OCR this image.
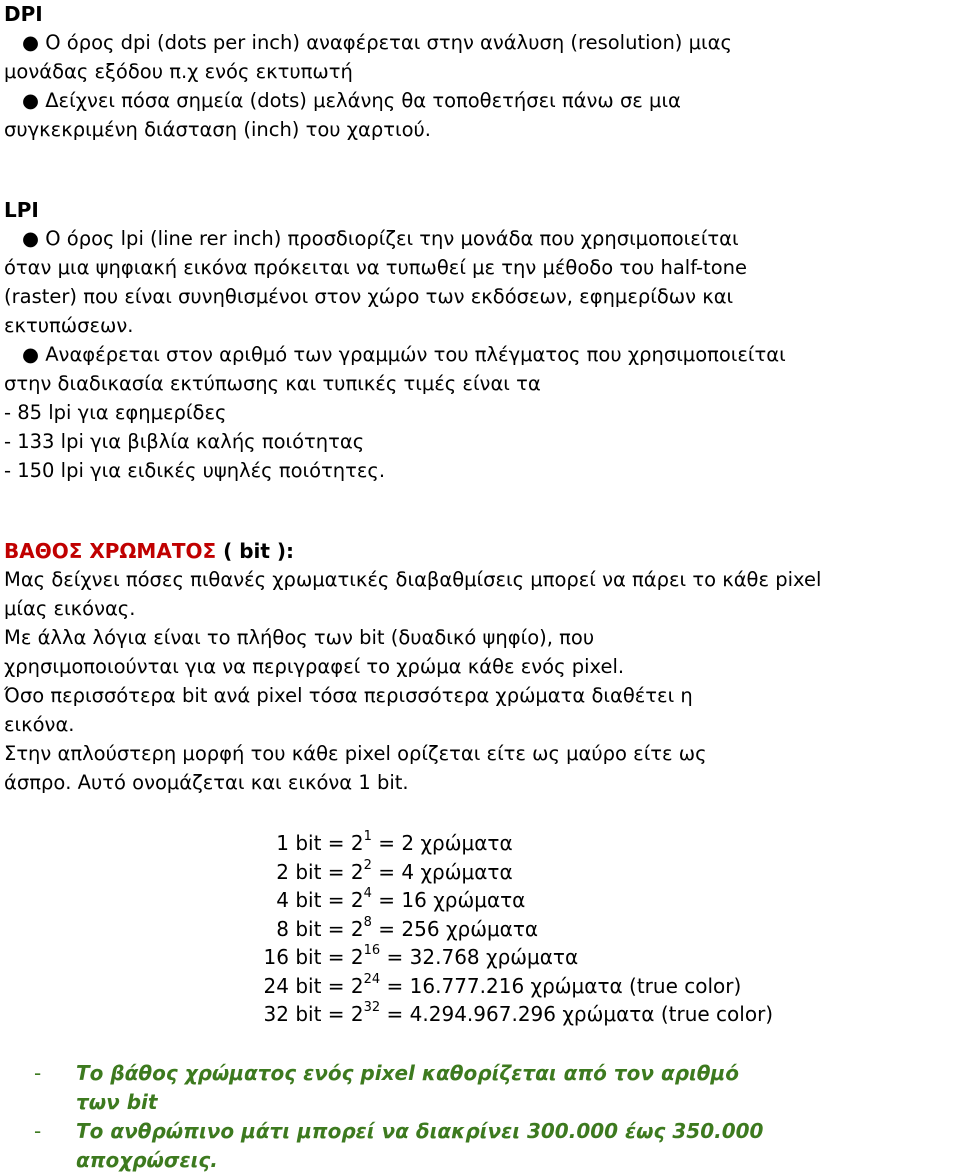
DPI
● Ο όρος dpi (dots per inch) αναφέρεται στην ανάλυση (resolution) μιας
μονάδας εξόδου π.χ ενός εκτυπωτή
● Δείχνει πόσα σημεία (dots) μελάνης θα τοποθετήσει πάνω σε μια
συγκεκριμένη διάσταση (inch) του χαρτιού.
LPI
● Ο όρος lpi (line rer inch) προσδιορίζει την μονάδα που χρησιμοποιείται
όταν μια ψηφιακή εικόνα πρόκειται να τυπωθεί με την μέθοδο του half-tone
(raster) που είναι συνηθισμένοι στον χώρο των εκδόσεων, εφημερίδων και
εκτυπώσεων.
● Αναφέρεται στον αριθμό των γραμμών του πλέγματος που χρησιμοποιείται
στην διαδικασία εκτύπωσης και τυπικές τιμές είναι τα
- 85 lpi για εφημερίδες
- 133 lpi για βιβλία καλής ποιότητας
- 150 lpi για ειδικές υψηλές ποιότητες.
ΒΑΘΟΣ ΧΡΩΜΑΤΟΣ ( bit ):
Μας δείχνει πόσες πιθανές χρωματικές διαβαθμίσεις μπορεί να πάρει το κάθε pixel
μίας εικόνας.
Με άλλα λόγια είναι το πλήθος των bit (δυαδικό ψηφίο), που
χρησιμοποιούνται για να περιγραφεί το χρώμα κάθε ενός pixel.
Όσο περισσότερα bit ανά pixel τόσα περισσότερα χρώματα διαθέτει η
εικόνα.
Στην απλούστερη μορφή του κάθε pixel ορίζεται είτε ως μαύρο είτε ως
άσπρο. Αυτό ονομάζεται και εικόνα 1 bit.
1 bit = $2^1 = 2$ χρώματα
2 bit = $2^2 = 4$ χρώματα
4 bit = $2^4 = 16$ χρώματα
8 bit = $2^8 = 256$ χρώματα
16 bit = $2^{16} = 32.768$ χρώματα
24 bit = $2^{24} = 16.777.216$ χρώματα (true color)
32 bit = $2^{32} = 4.294.967.296$ χρώματα (true color)
- Το βάθος χρώματος ενός pixel καθορίζεται από τον αριθμό
των bit
- Το ανθρώπινο μάτι μπορεί να διακρίνει 300.000 έως 350.000
αποχρώσεις.
